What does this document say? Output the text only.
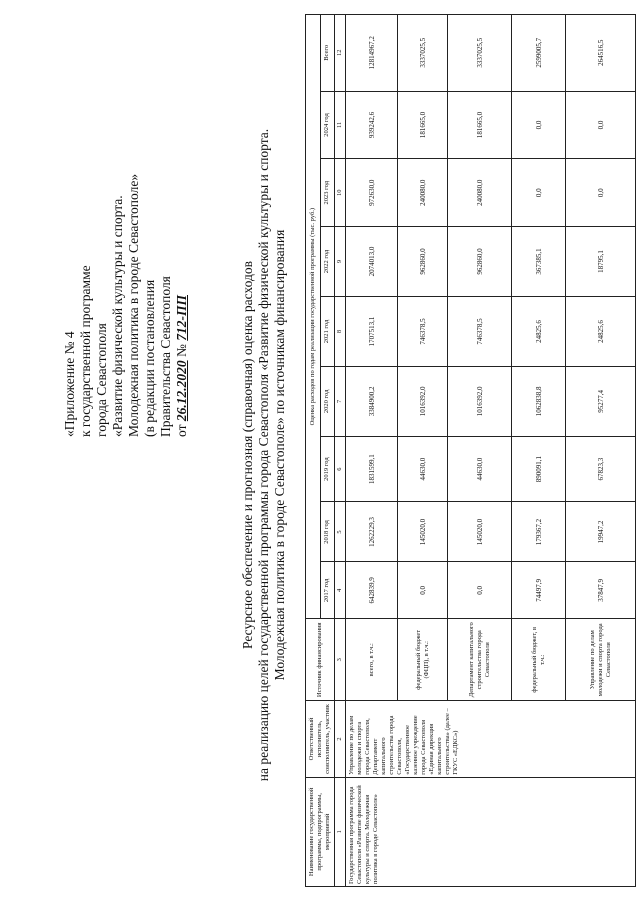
«Приложение № 4 к государственной программе города Севастополя «Развитие физической культуры и спорта. Молодежная политика в городе Севастополе» (в редакции постановления Правительства Севастополя от 26.12.2020 № 712-ПП	Ресурсное обеспечение и прогнозная (справочная) оценка расходов на реализацию целей государственной программы города Севастополя «Развитие физической культуры и спорта. Молодежная политика в городе Севастополе» по источникам финансирования
Наименование государственной программы, подпрограммы, мероприятий	Ответственный исполнитель, соисполнитель, участник	Источник финансирования	Оценка расходов по годам реализации государственной программы (тыс. руб.)								
			2017 год	2018 год	2019 год	2020 год	2021 год	2022 год	2023 год	2024 год	Всего
1	2	3	4	5	6	7	8	9	10	11	12
Государственная программа города Севастополя «Развитие физической культуры и спорта. Молодежная политика в городе Севастополе»	Управление по делам молодежи и спорта города Севастополя, Департамент капитального строительства города Севастополя, «Государственное казенное учреждение города Севастополя «Единая дирекция капитального строительства» (далее – ГКУС «ЕДКС»)	всего, в т.ч.:	642839,9	1262229,3	1831599,1	3384900,2	1707513,1	2074013,0	972630,0	939242,6	12814967,2
		федеральный бюджет (ФЦП), в т.ч.:	0,0	145020,0	44630,0	1016392,0	746378,5	962860,0	240080,0	181665,0	3337025,5
		Департамент капитального строительства города Севастополя	0,0	145020,0	44630,0	1016392,0	746378,5	962860,0	240080,0	181665,0	3337025,5
		федеральный бюджет, в т.ч.:	74497,9	179367,2	890091,1	1062838,8	24825,6	367385,1	0,0	0,0	2599005,7
		Управление по делам молодежи и спорта города Севастополя	37847,9	19947,2	67823,3	95277,4	24825,6	18795,1	0,0	0,0	264516,5
